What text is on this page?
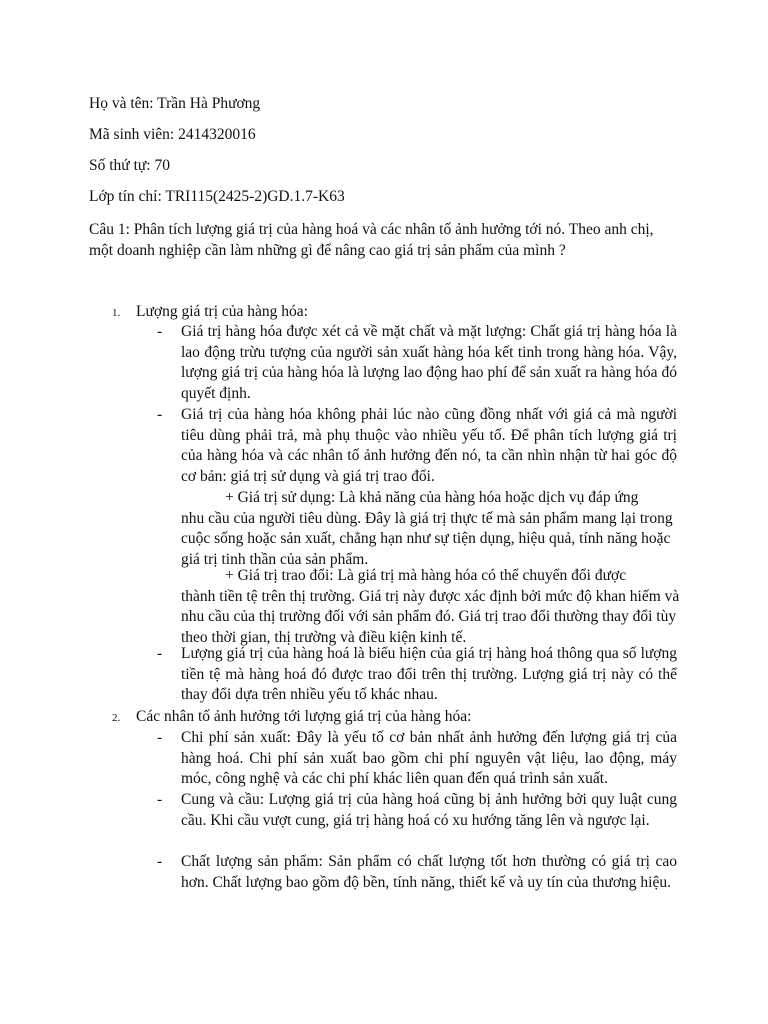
Họ và tên: Trần Hà Phương
Mã sinh viên: 2414320016
Số thứ tự: 70
Lớp tín chỉ: TRI115(2425-2)GD.1.7-K63
Câu 1: Phân tích lượng giá trị của hàng hoá và các nhân tố ảnh hưởng tới nó. Theo anh chị, một doanh nghiệp cần làm những gì để nâng cao giá trị sản phẩm của mình ?
1. Lượng giá trị của hàng hóa:
- Giá trị hàng hóa được xét cả về mặt chất và mặt lượng: Chất giá trị hàng hóa là lao động trừu tượng của người sản xuất hàng hóa kết tinh trong hàng hóa. Vậy, lượng giá trị của hàng hóa là lượng lao động hao phí để sản xuất ra hàng hóa đó quyết định.
- Giá trị của hàng hóa không phải lúc nào cũng đồng nhất với giá cả mà người tiêu dùng phải trả, mà phụ thuộc vào nhiều yếu tố. Để phân tích lượng giá trị của hàng hóa và các nhân tố ảnh hưởng đến nó, ta cần nhìn nhận từ hai góc độ cơ bản: giá trị sử dụng và giá trị trao đổi.
+ Giá trị sử dụng: Là khả năng của hàng hóa hoặc dịch vụ đáp ứng
nhu cầu của người tiêu dùng. Đây là giá trị thực tế mà sản phẩm mang lại trong cuộc sống hoặc sản xuất, chẳng hạn như sự tiện dụng, hiệu quả, tính năng hoặc giá trị tinh thần của sản phẩm.
+ Giá trị trao đổi: Là giá trị mà hàng hóa có thể chuyển đổi được
thành tiền tệ trên thị trường. Giá trị này được xác định bởi mức độ khan hiếm và nhu cầu của thị trường đối với sản phẩm đó. Giá trị trao đổi thường thay đổi tùy theo thời gian, thị trường và điều kiện kinh tế.
- Lượng giá trị của hàng hoá là biểu hiện của giá trị hàng hoá thông qua số lượng tiền tệ mà hàng hoá đó được trao đổi trên thị trường. Lượng giá trị này có thể thay đổi dựa trên nhiều yếu tố khác nhau.
2. Các nhân tố ảnh hưởng tới lượng giá trị của hàng hóa:
- Chi phí sản xuất: Đây là yếu tố cơ bản nhất ảnh hưởng đến lượng giá trị của hàng hoá. Chi phí sản xuất bao gồm chi phí nguyên vật liệu, lao động, máy móc, công nghệ và các chi phí khác liên quan đến quá trình sản xuất.
- Cung và cầu: Lượng giá trị của hàng hoá cũng bị ảnh hưởng bởi quy luật cung cầu. Khi cầu vượt cung, giá trị hàng hoá có xu hướng tăng lên và ngược lại.
- Chất lượng sản phẩm: Sản phẩm có chất lượng tốt hơn thường có giá trị cao hơn. Chất lượng bao gồm độ bền, tính năng, thiết kế và uy tín của thương hiệu.
